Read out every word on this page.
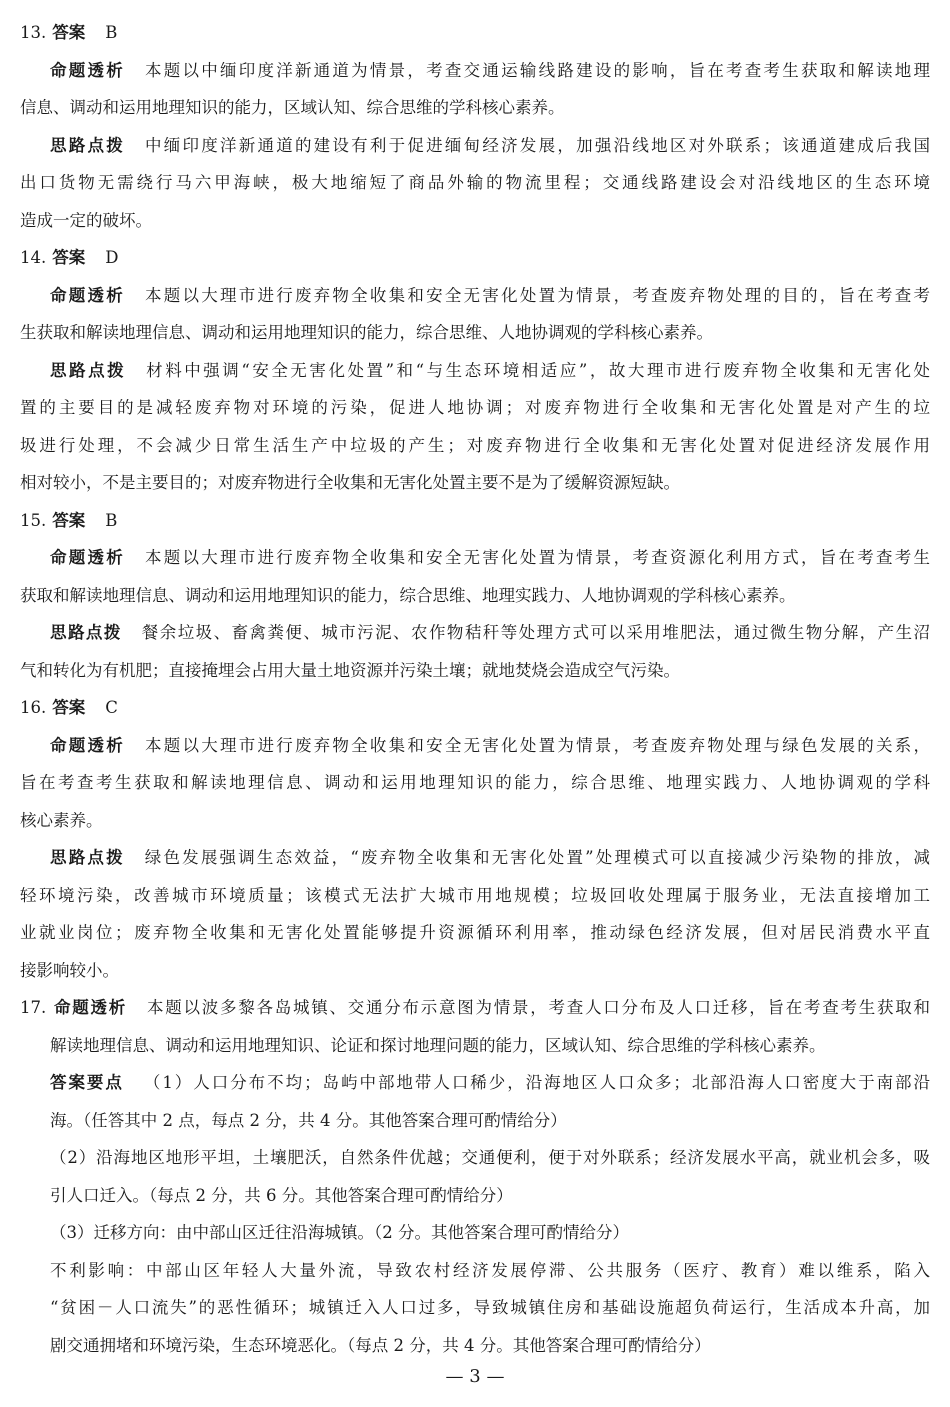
13. 答案 B
命题透析 本题以中缅印度洋新通道为情景，考查交通运输线路建设的影响，旨在考查考生获取和解读地理
信息、调动和运用地理知识的能力，区域认知、综合思维的学科核心素养。
思路点拨 中缅印度洋新通道的建设有利于促进缅甸经济发展，加强沿线地区对外联系；该通道建成后我国
出口货物无需绕行马六甲海峡，极大地缩短了商品外输的物流里程；交通线路建设会对沿线地区的生态环境
造成一定的破坏。
14. 答案 D
命题透析 本题以大理市进行废弃物全收集和安全无害化处置为情景，考查废弃物处理的目的，旨在考查考
生获取和解读地理信息、调动和运用地理知识的能力，综合思维、人地协调观的学科核心素养。
思路点拨 材料中强调“安全无害化处置”和“与生态环境相适应”，故大理市进行废弃物全收集和无害化处
置的主要目的是减轻废弃物对环境的污染，促进人地协调；对废弃物进行全收集和无害化处置是对产生的垃
圾进行处理，不会减少日常生活生产中垃圾的产生；对废弃物进行全收集和无害化处置对促进经济发展作用
相对较小，不是主要目的；对废弃物进行全收集和无害化处置主要不是为了缓解资源短缺。
15. 答案 B
命题透析 本题以大理市进行废弃物全收集和安全无害化处置为情景，考查资源化利用方式，旨在考查考生
获取和解读地理信息、调动和运用地理知识的能力，综合思维、地理实践力、人地协调观的学科核心素养。
思路点拨 餐余垃圾、畜禽粪便、城市污泥、农作物秸秆等处理方式可以采用堆肥法，通过微生物分解，产生沼
气和转化为有机肥；直接掩埋会占用大量土地资源并污染土壤；就地焚烧会造成空气污染。
16. 答案 C
命题透析 本题以大理市进行废弃物全收集和安全无害化处置为情景，考查废弃物处理与绿色发展的关系，
旨在考查考生获取和解读地理信息、调动和运用地理知识的能力，综合思维、地理实践力、人地协调观的学科
核心素养。
思路点拨 绿色发展强调生态效益，“废弃物全收集和无害化处置”处理模式可以直接减少污染物的排放，减
轻环境污染，改善城市环境质量；该模式无法扩大城市用地规模；垃圾回收处理属于服务业，无法直接增加工
业就业岗位；废弃物全收集和无害化处置能够提升资源循环利用率，推动绿色经济发展，但对居民消费水平直
接影响较小。
17. 命题透析 本题以波多黎各岛城镇、交通分布示意图为情景，考查人口分布及人口迁移，旨在考查考生获取和
解读地理信息、调动和运用地理知识、论证和探讨地理问题的能力，区域认知、综合思维的学科核心素养。
答案要点 （1）人口分布不均；岛屿中部地带人口稀少，沿海地区人口众多；北部沿海人口密度大于南部沿
海。（任答其中 2 点，每点 2 分，共 4 分。其他答案合理可酌情给分）
（2）沿海地区地形平坦，土壤肥沃，自然条件优越；交通便利，便于对外联系；经济发展水平高，就业机会多，吸
引人口迁入。（每点 2 分，共 6 分。其他答案合理可酌情给分）
（3）迁移方向：由中部山区迁往沿海城镇。（2 分。其他答案合理可酌情给分）
不利影响：中部山区年轻人大量外流，导致农村经济发展停滞、公共服务（医疗、教育）难以维系，陷入
“贫困－人口流失”的恶性循环；城镇迁入人口过多，导致城镇住房和基础设施超负荷运行，生活成本升高，加
剧交通拥堵和环境污染，生态环境恶化。（每点 2 分，共 4 分。其他答案合理可酌情给分）
— 3 —
